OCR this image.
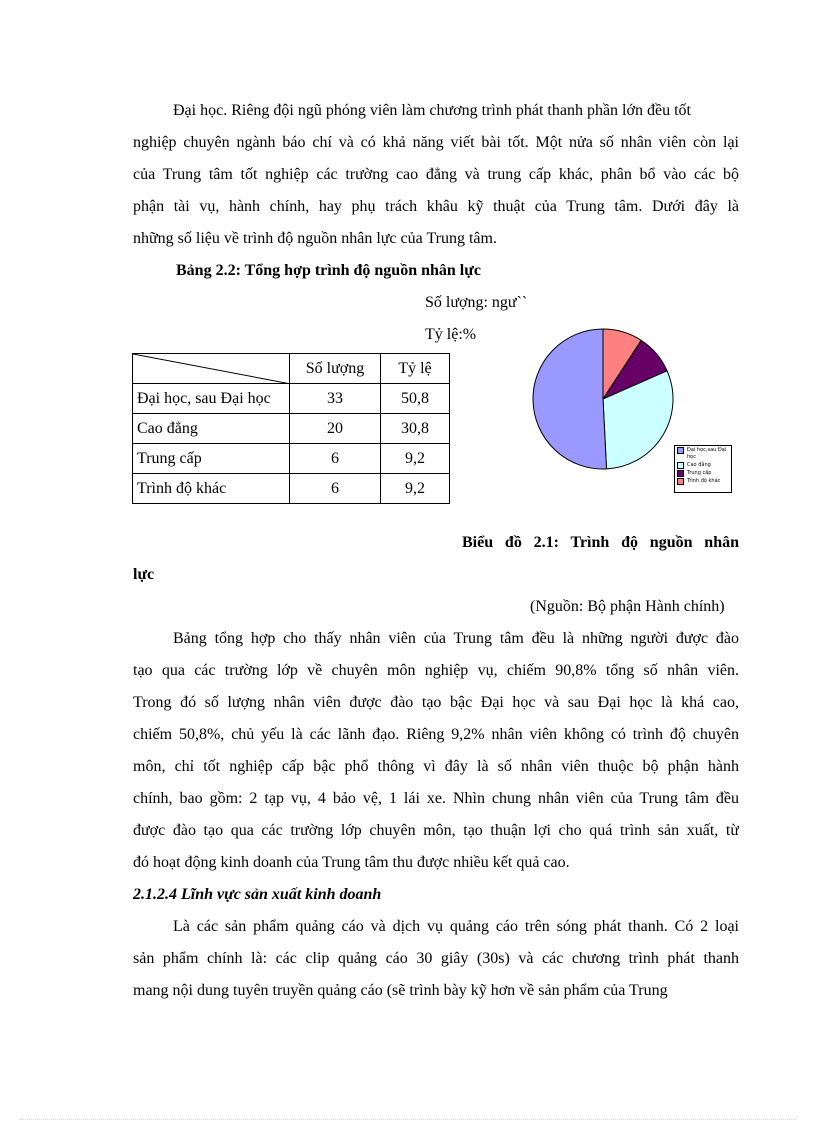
Đại học. Riêng đội ngũ phóng viên làm chương trình phát thanh phần lớn đều tốt
nghiệp chuyên ngành báo chí và có khả năng viết bài tốt. Một nửa số nhân viên còn lại
của Trung tâm tốt nghiệp các trường cao đẳng và trung cấp khác, phân bổ vào các bộ
phận tài vụ, hành chính, hay phụ trách khâu kỹ thuật của Trung tâm. Dưới đây là
những số liệu về trình độ nguồn nhân lực của Trung tâm.
Bảng 2.2: Tổng hợp trình độ nguồn nhân lực
Số lượng: ngư``
Tỷ lệ:%
	Số lượng	Tỷ lệ
Đại học, sau Đại học	33	50,8
Cao đẳng	20	30,8
Trung cấp	6	9,2
Trình độ khác	6	9,2
Đại học,sau Đại học
Cao đẳng
Trung cấp
Trình độ khác
Biểu đồ 2.1: Trình độ nguồn nhân
lực
(Nguồn: Bộ phận Hành chính)
Bảng tổng hợp cho thấy nhân viên của Trung tâm đều là những người được đào
tạo qua các trường lớp về chuyên môn nghiệp vụ, chiếm 90,8% tổng số nhân viên.
Trong đó số lượng nhân viên được đào tạo bậc Đại học và sau Đại học là khá cao,
chiếm 50,8%, chủ yếu là các lãnh đạo. Riêng 9,2% nhân viên không có trình độ chuyên
môn, chỉ tốt nghiệp cấp bậc phổ thông vì đây là số nhân viên thuộc bộ phận hành
chính, bao gồm: 2 tạp vụ, 4 bảo vệ, 1 lái xe. Nhìn chung nhân viên của Trung tâm đều
được đào tạo qua các trường lớp chuyên môn, tạo thuận lợi cho quá trình sản xuất, từ
đó hoạt động kinh doanh của Trung tâm thu được nhiều kết quả cao.
2.1.2.4 Lĩnh vực sản xuất kinh doanh
Là các sản phẩm quảng cáo và dịch vụ quảng cáo trên sóng phát thanh. Có 2 loại
sản phẩm chính là: các clip quảng cáo 30 giây (30s) và các chương trình phát thanh
mang nội dung tuyên truyền quảng cáo (sẽ trình bày kỹ hơn về sản phẩm của Trung
